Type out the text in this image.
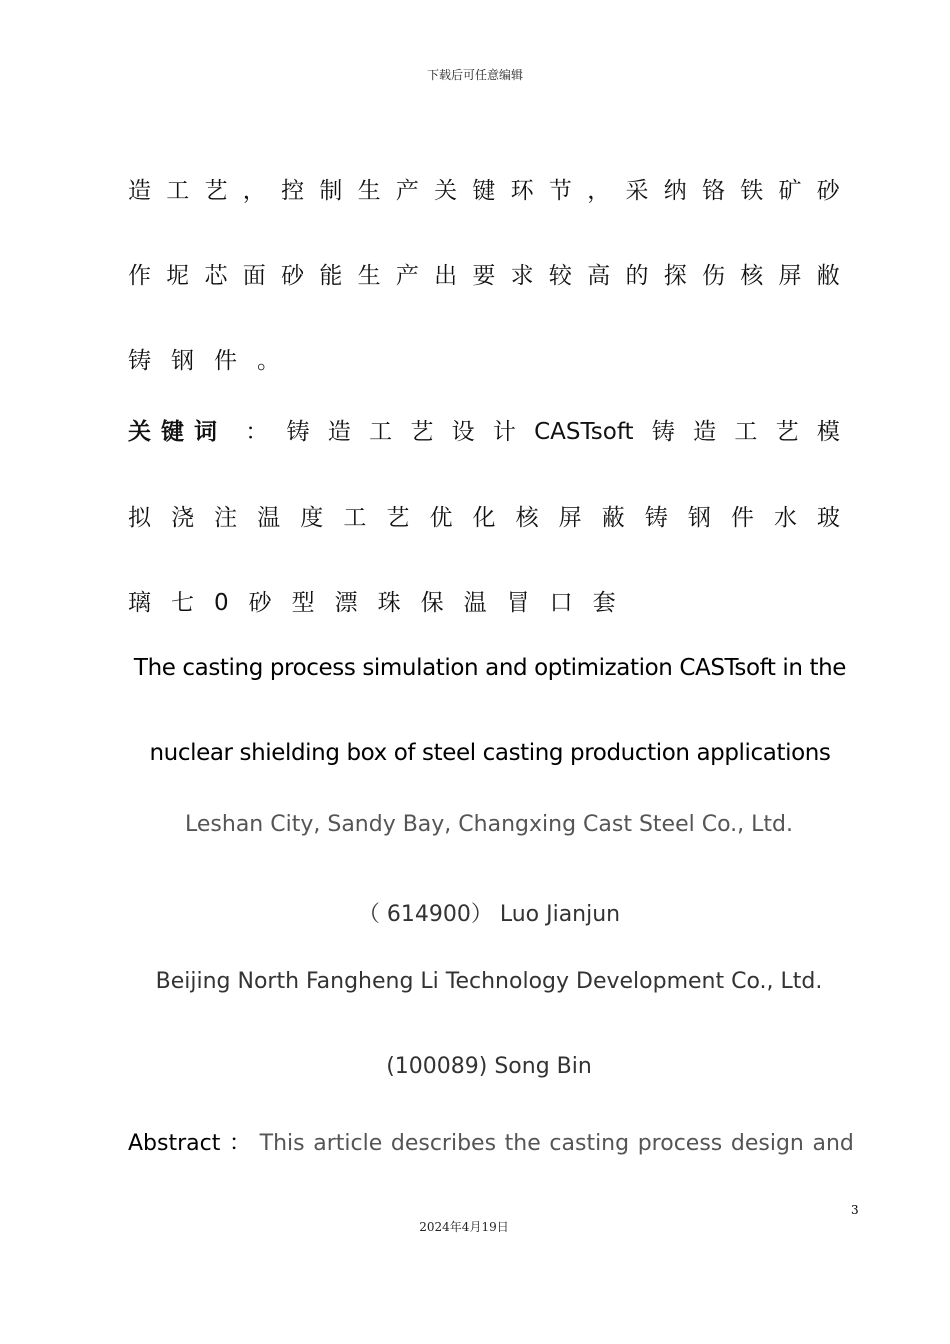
下载后可任意编辑
造 工 艺 ， 控 制 生 产 关 键 环 节 ， 采 纳 铬 铁 矿 砂
作 坭 芯 面 砂 能 生 产 出 要 求 较 高 的 探 伤 核 屏 敝
铸 钢 件 。
关键词 ： 铸 造 工 艺 设 计 CASTsoft 铸 造 工 艺 模
拟 浇 注 温 度 工 艺 优 化 核 屏 蔽 铸 钢 件 水 玻
璃 七 0 砂 型 漂 珠 保 温 冒 口 套
The casting process simulation and optimization CASTsoft in the
nuclear shielding box of steel casting production applications
Leshan City, Sandy Bay, Changxing Cast Steel Co., Ltd.
（ 614900） Luo Jianjun
Beijing North Fangheng Li Technology Development Co., Ltd.
(100089) Song Bin
Abstract ： This article describes the casting process design and
3
2024年4月19日
